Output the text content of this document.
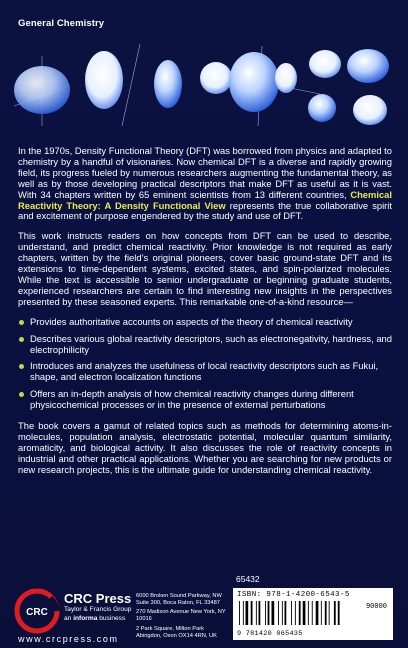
General Chemistry

In the 1970s, Density Functional Theory (DFT) was borrowed from physics and adapted to chemistry by a handful of visionaries. Now chemical DFT is a diverse and rapidly growing field, its progress fueled by numerous researchers augmenting the fundamental theory, as well as by those developing practical descriptors that make DFT as useful as it is vast. With 34 chapters written by 65 eminent scientists from 13 different countries, Chemical Reactivity Theory: A Density Functional View represents the true collaborative spirit and excitement of purpose engendered by the study and use of DFT.

This work instructs readers on how concepts from DFT can be used to describe, understand, and predict chemical reactivity. Prior knowledge is not required as early chapters, written by the field’s original pioneers, cover basic ground-state DFT and its extensions to time-dependent systems, excited states, and spin-polarized molecules. While the text is accessible to senior undergraduate or beginning graduate students, experienced researchers are certain to find interesting new insights in the perspectives presented by these seasoned experts. This remarkable one-of-a-kind resource—

Provides authoritative accounts on aspects of the theory of chemical reactivity
Describes various global reactivity descriptors, such as electronegativity, hardness, and electrophilicity
Introduces and analyzes the usefulness of local reactivity descriptors such as Fukui, shape, and electron localization functions
Offers an in-depth analysis of how chemical reactivity changes during different physicochemical processes or in the presence of external perturbations

The book covers a gamut of related topics such as methods for determining atoms-in-molecules, population analysis, electrostatic potential, molecular quantum similarity, aromaticity, and biological activity. It also discusses the role of reactivity concepts in industrial and other practical applications. Whether you are searching for new products or new research projects, this is the ultimate guide for understanding chemical reactivity.

65432
CRC
CRC Press
Taylor & Francis Group
an informa business
www.crcpress.com
6000 Broken Sound Parkway, NW Suite 300, Boca Raton, FL 33487
270 Madison Avenue New York, NY 10016
2 Park Square, Milton Park Abingdon, Oxon OX14 4RN, UK
ISBN: 978-1-4200-6543-5
90000
9 781420 065435
